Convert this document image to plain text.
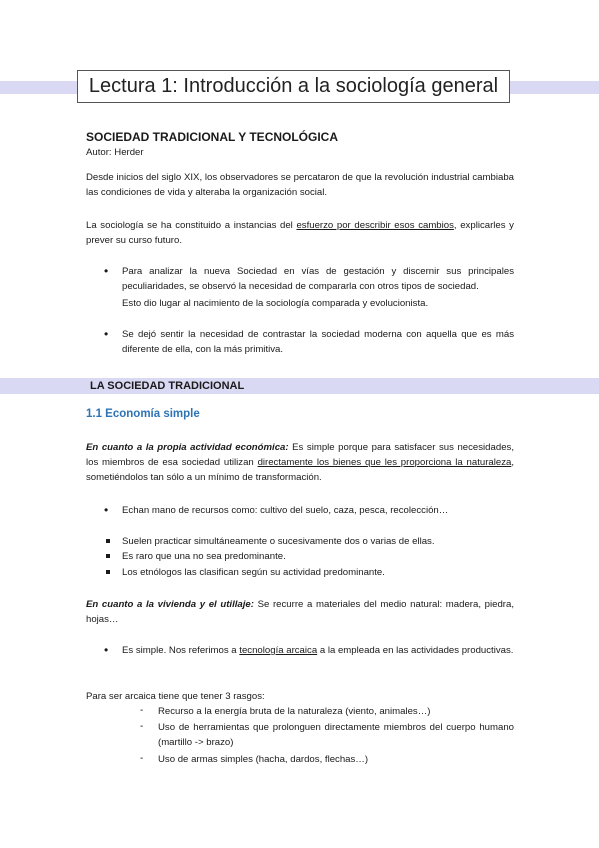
Lectura 1: Introducción a la sociología general
SOCIEDAD TRADICIONAL Y TECNOLÓGICA
Autor: Herder
Desde inicios del siglo XIX, los observadores se percataron de que la revolución industrial cambiaba las condiciones de vida y alteraba la organización social.
La sociología se ha constituido a instancias del esfuerzo por describir esos cambios, explicarles y prever su curso futuro.
• Para analizar la nueva Sociedad en vías de gestación y discernir sus principales peculiaridades, se observó la necesidad de compararla con otros tipos de sociedad.
Esto dio lugar al nacimiento de la sociología comparada y evolucionista.
• Se dejó sentir la necesidad de contrastar la sociedad moderna con aquella que es más diferente de ella, con la más primitiva.
LA SOCIEDAD TRADICIONAL
1.1 Economía simple
En cuanto a la propia actividad económica: Es simple porque para satisfacer sus necesidades, los miembros de esa sociedad utilizan directamente los bienes que les proporciona la naturaleza, sometiéndolos tan sólo a un mínimo de transformación.
• Echan mano de recursos como: cultivo del suelo, caza, pesca, recolección…
Suelen practicar simultáneamente o sucesivamente dos o varias de ellas.
Es raro que una no sea predominante.
Los etnólogos las clasifican según su actividad predominante.
En cuanto a la vivienda y el utillaje: Se recurre a materiales del medio natural: madera, piedra, hojas…
• Es simple. Nos referimos a tecnología arcaica a la empleada en las actividades productivas.
Para ser arcaica tiene que tener 3 rasgos:
- Recurso a la energía bruta de la naturaleza (viento, animales…)
- Uso de herramientas que prolonguen directamente miembros del cuerpo humano (martillo -> brazo)
- Uso de armas simples (hacha, dardos, flechas…)
